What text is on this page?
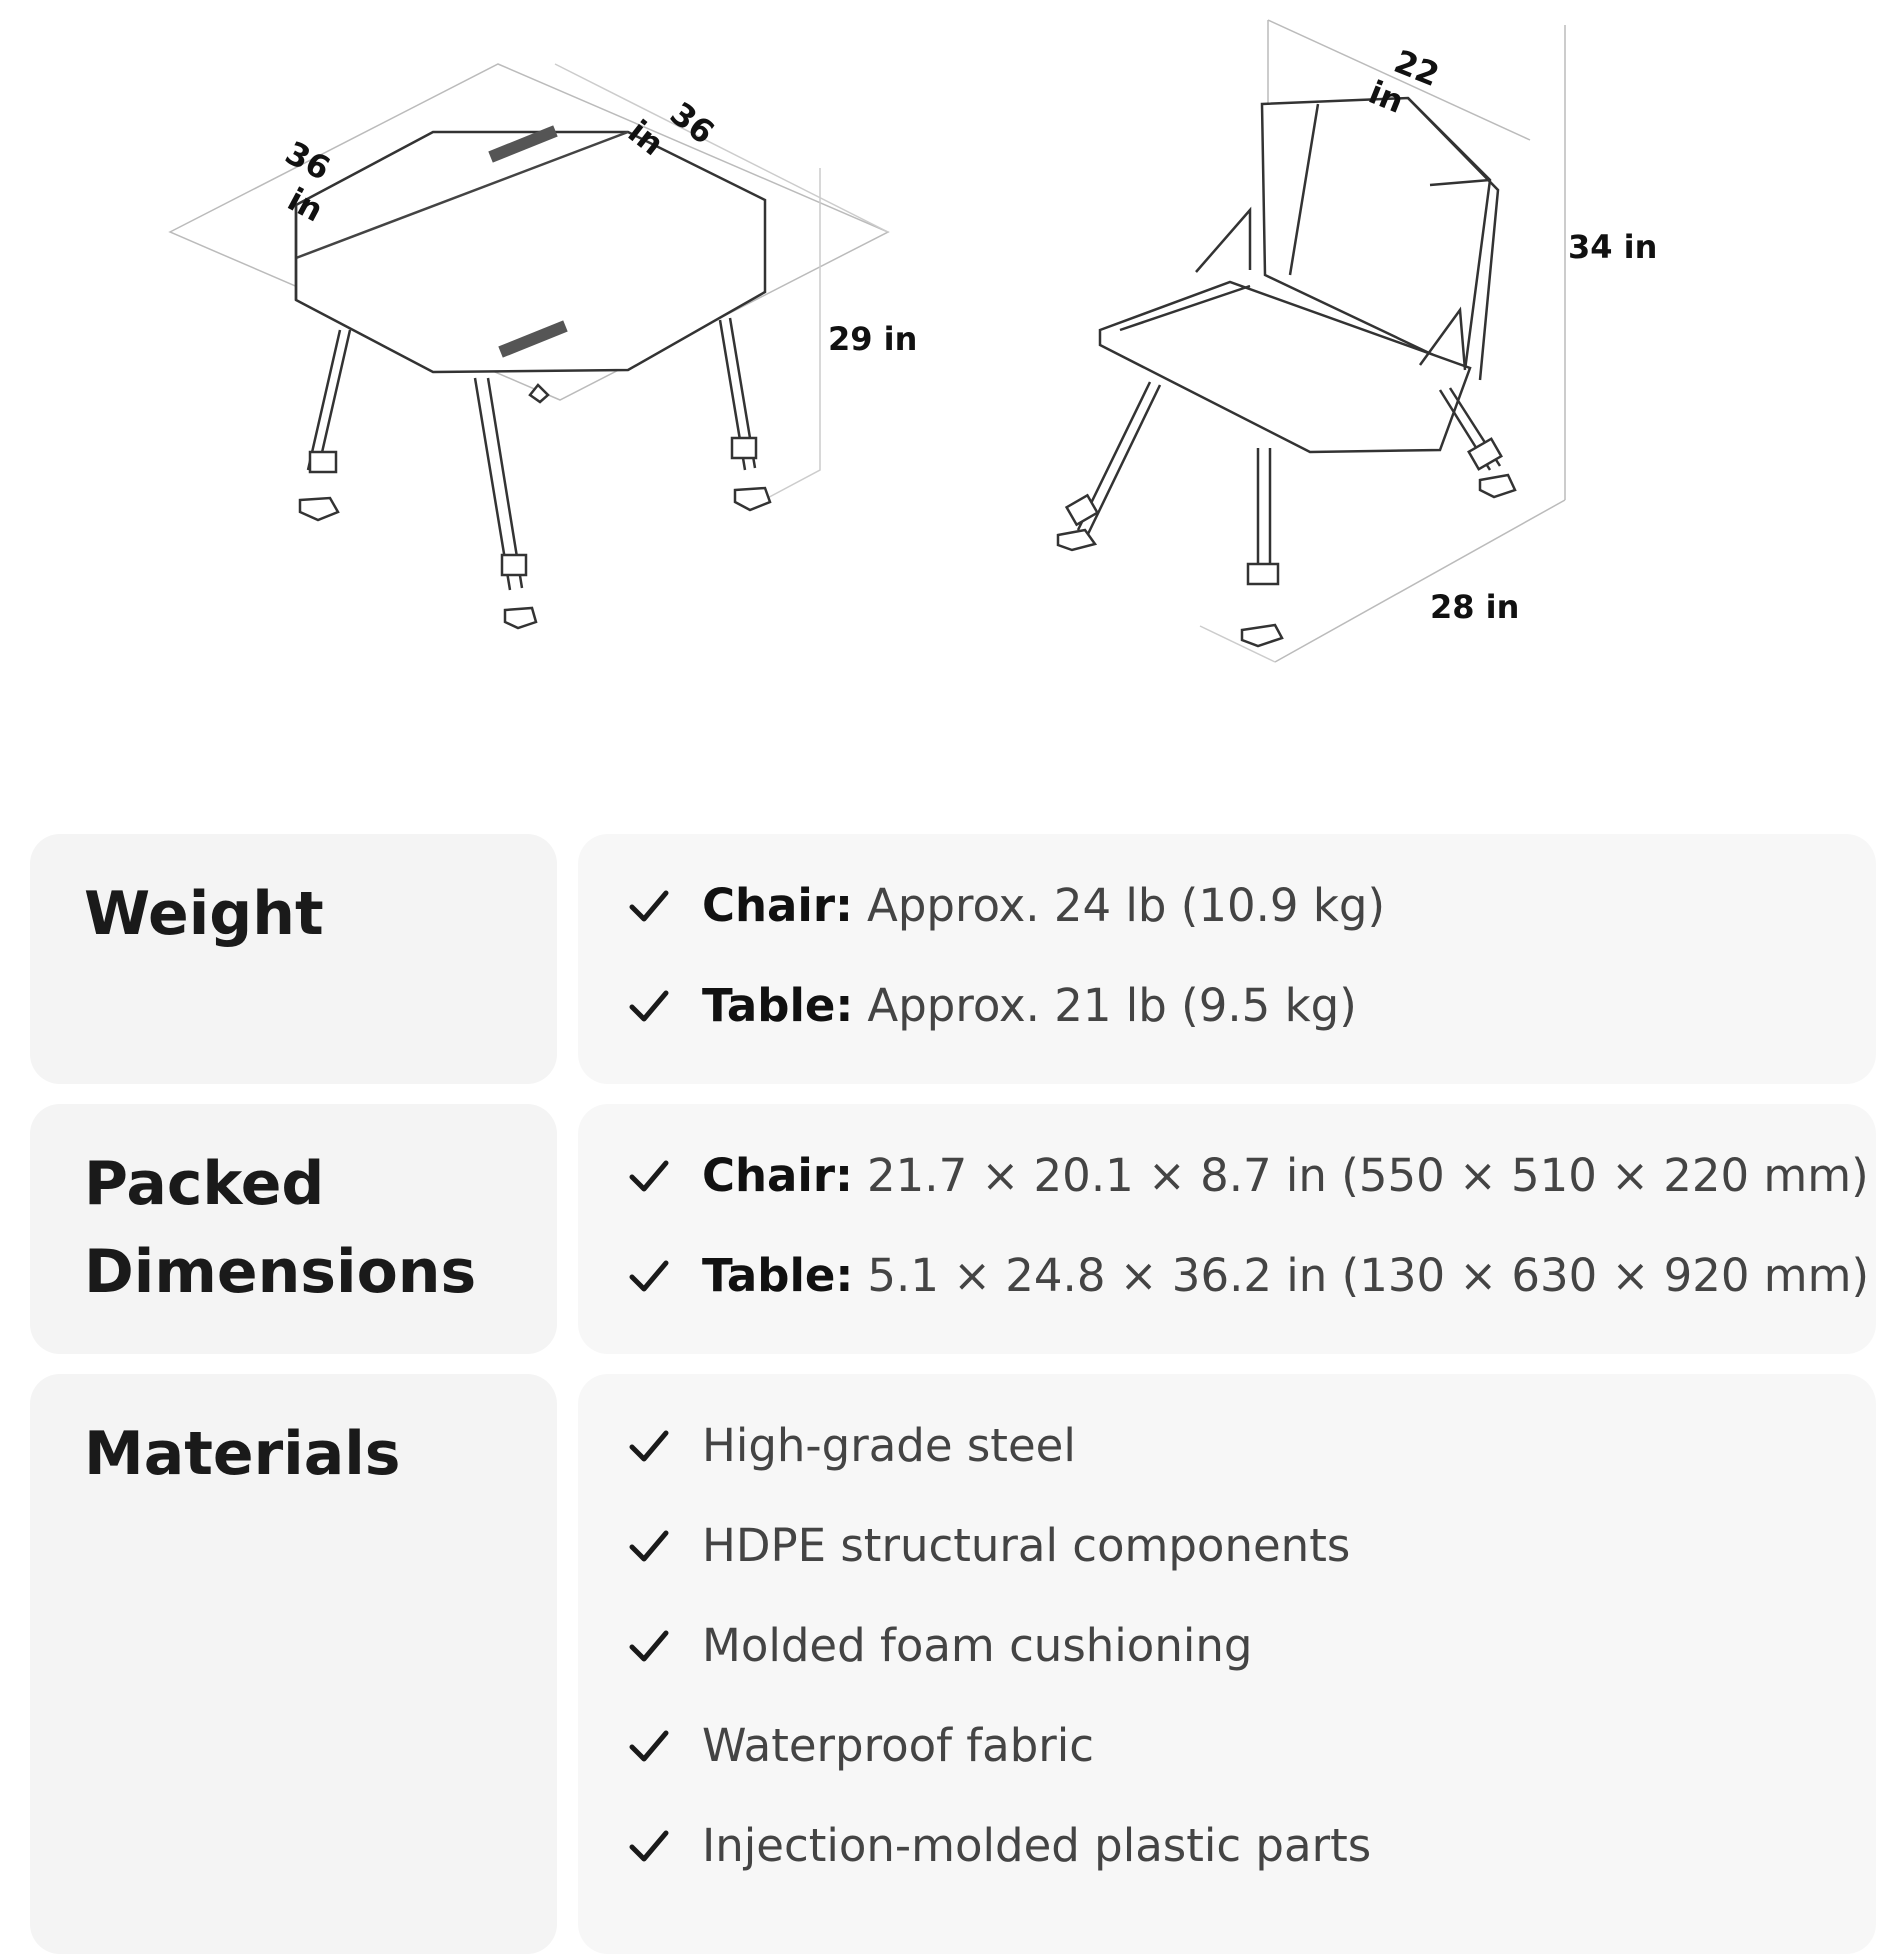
36 in
36 in
29 in
22 in
34 in
28 in
Weight	Chair: Approx. 24 lb (10.9 kg)
Table: Approx. 21 lb (9.5 kg)
Packed
Dimensions
Chair: 21.7 × 20.1 × 8.7 in (550 × 510 × 220 mm)
Table: 5.1 × 24.8 × 36.2 in (130 × 630 × 920 mm)
Materials	High-grade steel
HDPE structural components
Molded foam cushioning
Waterproof fabric
Injection-molded plastic parts
